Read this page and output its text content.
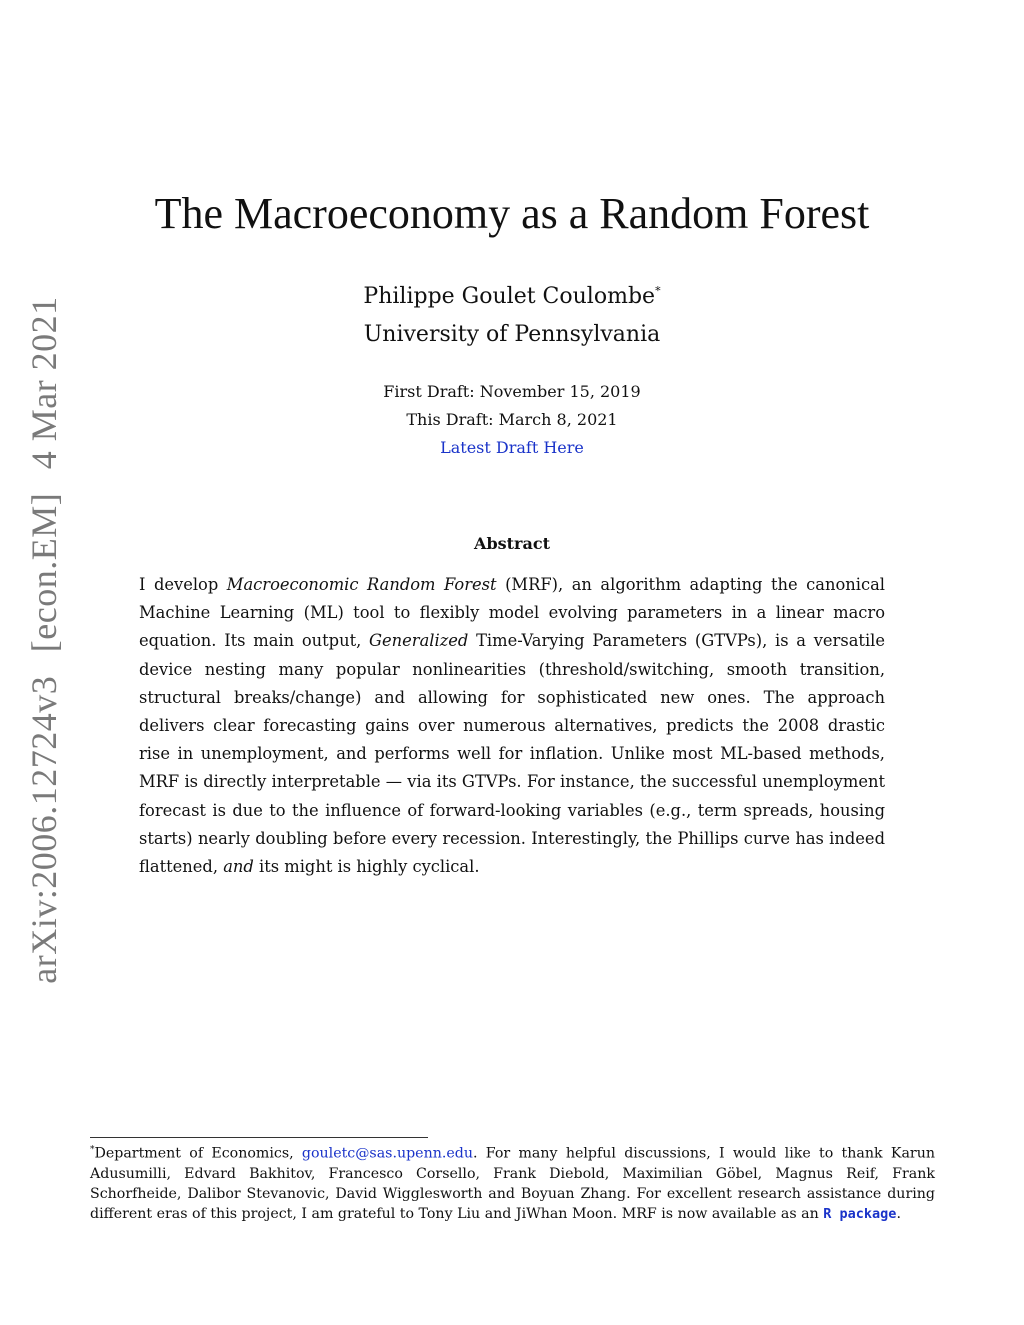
arXiv:2006.12724v3 [econ.EM] 4 Mar 2021
The Macroeconomy as a Random Forest
Philippe Goulet Coulombe*
University of Pennsylvania
First Draft: November 15, 2019
This Draft: March 8, 2021
Latest Draft Here
Abstract

I develop Macroeconomic Random Forest (MRF), an algorithm adapting the canonical Machine Learning (ML) tool to flexibly model evolving parameters in a linear macro equation. Its main output, Generalized Time-Varying Parameters (GTVPs), is a versatile device nesting many popular nonlinearities (threshold/switching, smooth transition, structural breaks/change) and allowing for sophisticated new ones. The approach delivers clear forecasting gains over numerous alternatives, predicts the 2008 drastic rise in unemployment, and performs well for inflation. Unlike most ML-based methods, MRF is directly interpretable — via its GTVPs. For instance, the successful unemployment forecast is due to the influence of forward-looking variables (e.g., term spreads, housing starts) nearly doubling before every recession. Interestingly, the Phillips curve has indeed flattened, and its might is highly cyclical.

*Department of Economics, gouletc@sas.upenn.edu. For many helpful discussions, I would like to thank Karun Adusumilli, Edvard Bakhitov, Francesco Corsello, Frank Diebold, Maximilian Göbel, Magnus Reif, Frank Schorfheide, Dalibor Stevanovic, David Wigglesworth and Boyuan Zhang. For excellent research assistance during different eras of this project, I am grateful to Tony Liu and JiWhan Moon. MRF is now available as an R package.
